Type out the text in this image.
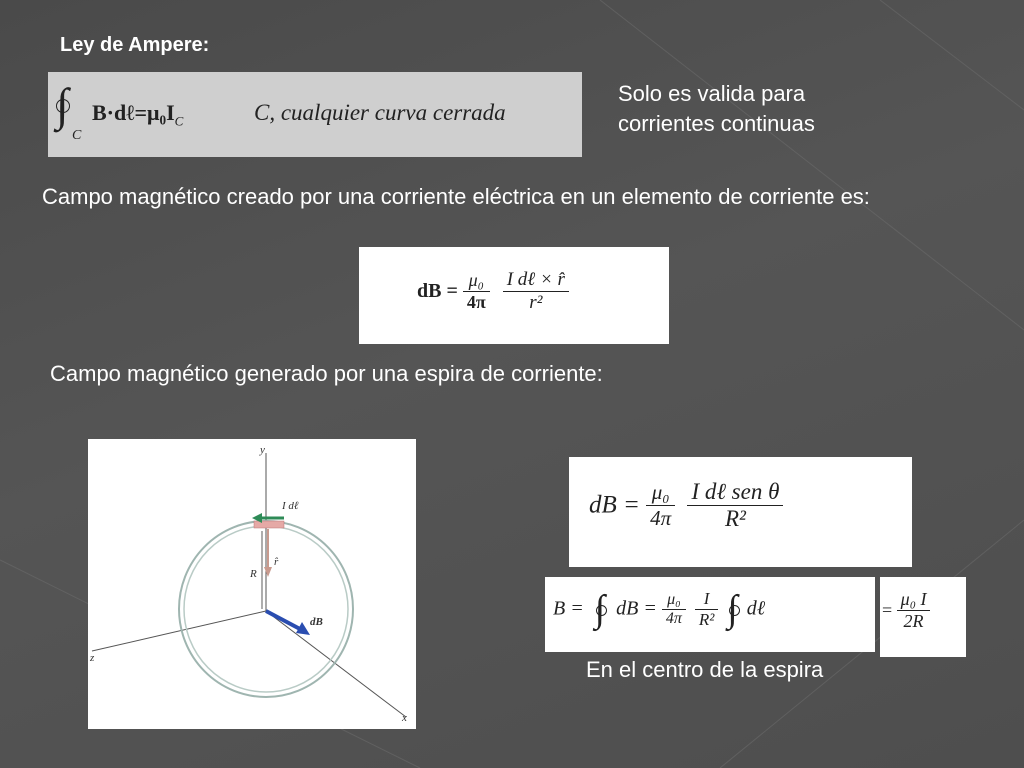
Ley de Ampere:
∫
C
$B\cdot d\ell=\mu_0I_C$	C, cualquier curva cerrada
Solo es valida para
corrientes continuas
Campo magnético creado por una corriente eléctrica en un elemento de corriente es:
dB = $\frac{\text{μ₀}}{4\pi}$
$\frac{\text{I dℓ × r̂}}{\text{r²}}$
Campo magnético generado por una espira de corriente:
y
x
z
I dℓ
r̂
R
dB
dB = $\frac{\text{μ₀}}{4\pi}$
$\frac{\text{I dℓ sen θ}}{\text{R²}}$
B = ∫ dB = $\frac{\text{μ₀}}{4\pi}$
$\frac{I}{\text{R²}}$ ∫ dℓ	= $\frac{\text{μ₀ I}}{2R}$
En el centro de la espira
